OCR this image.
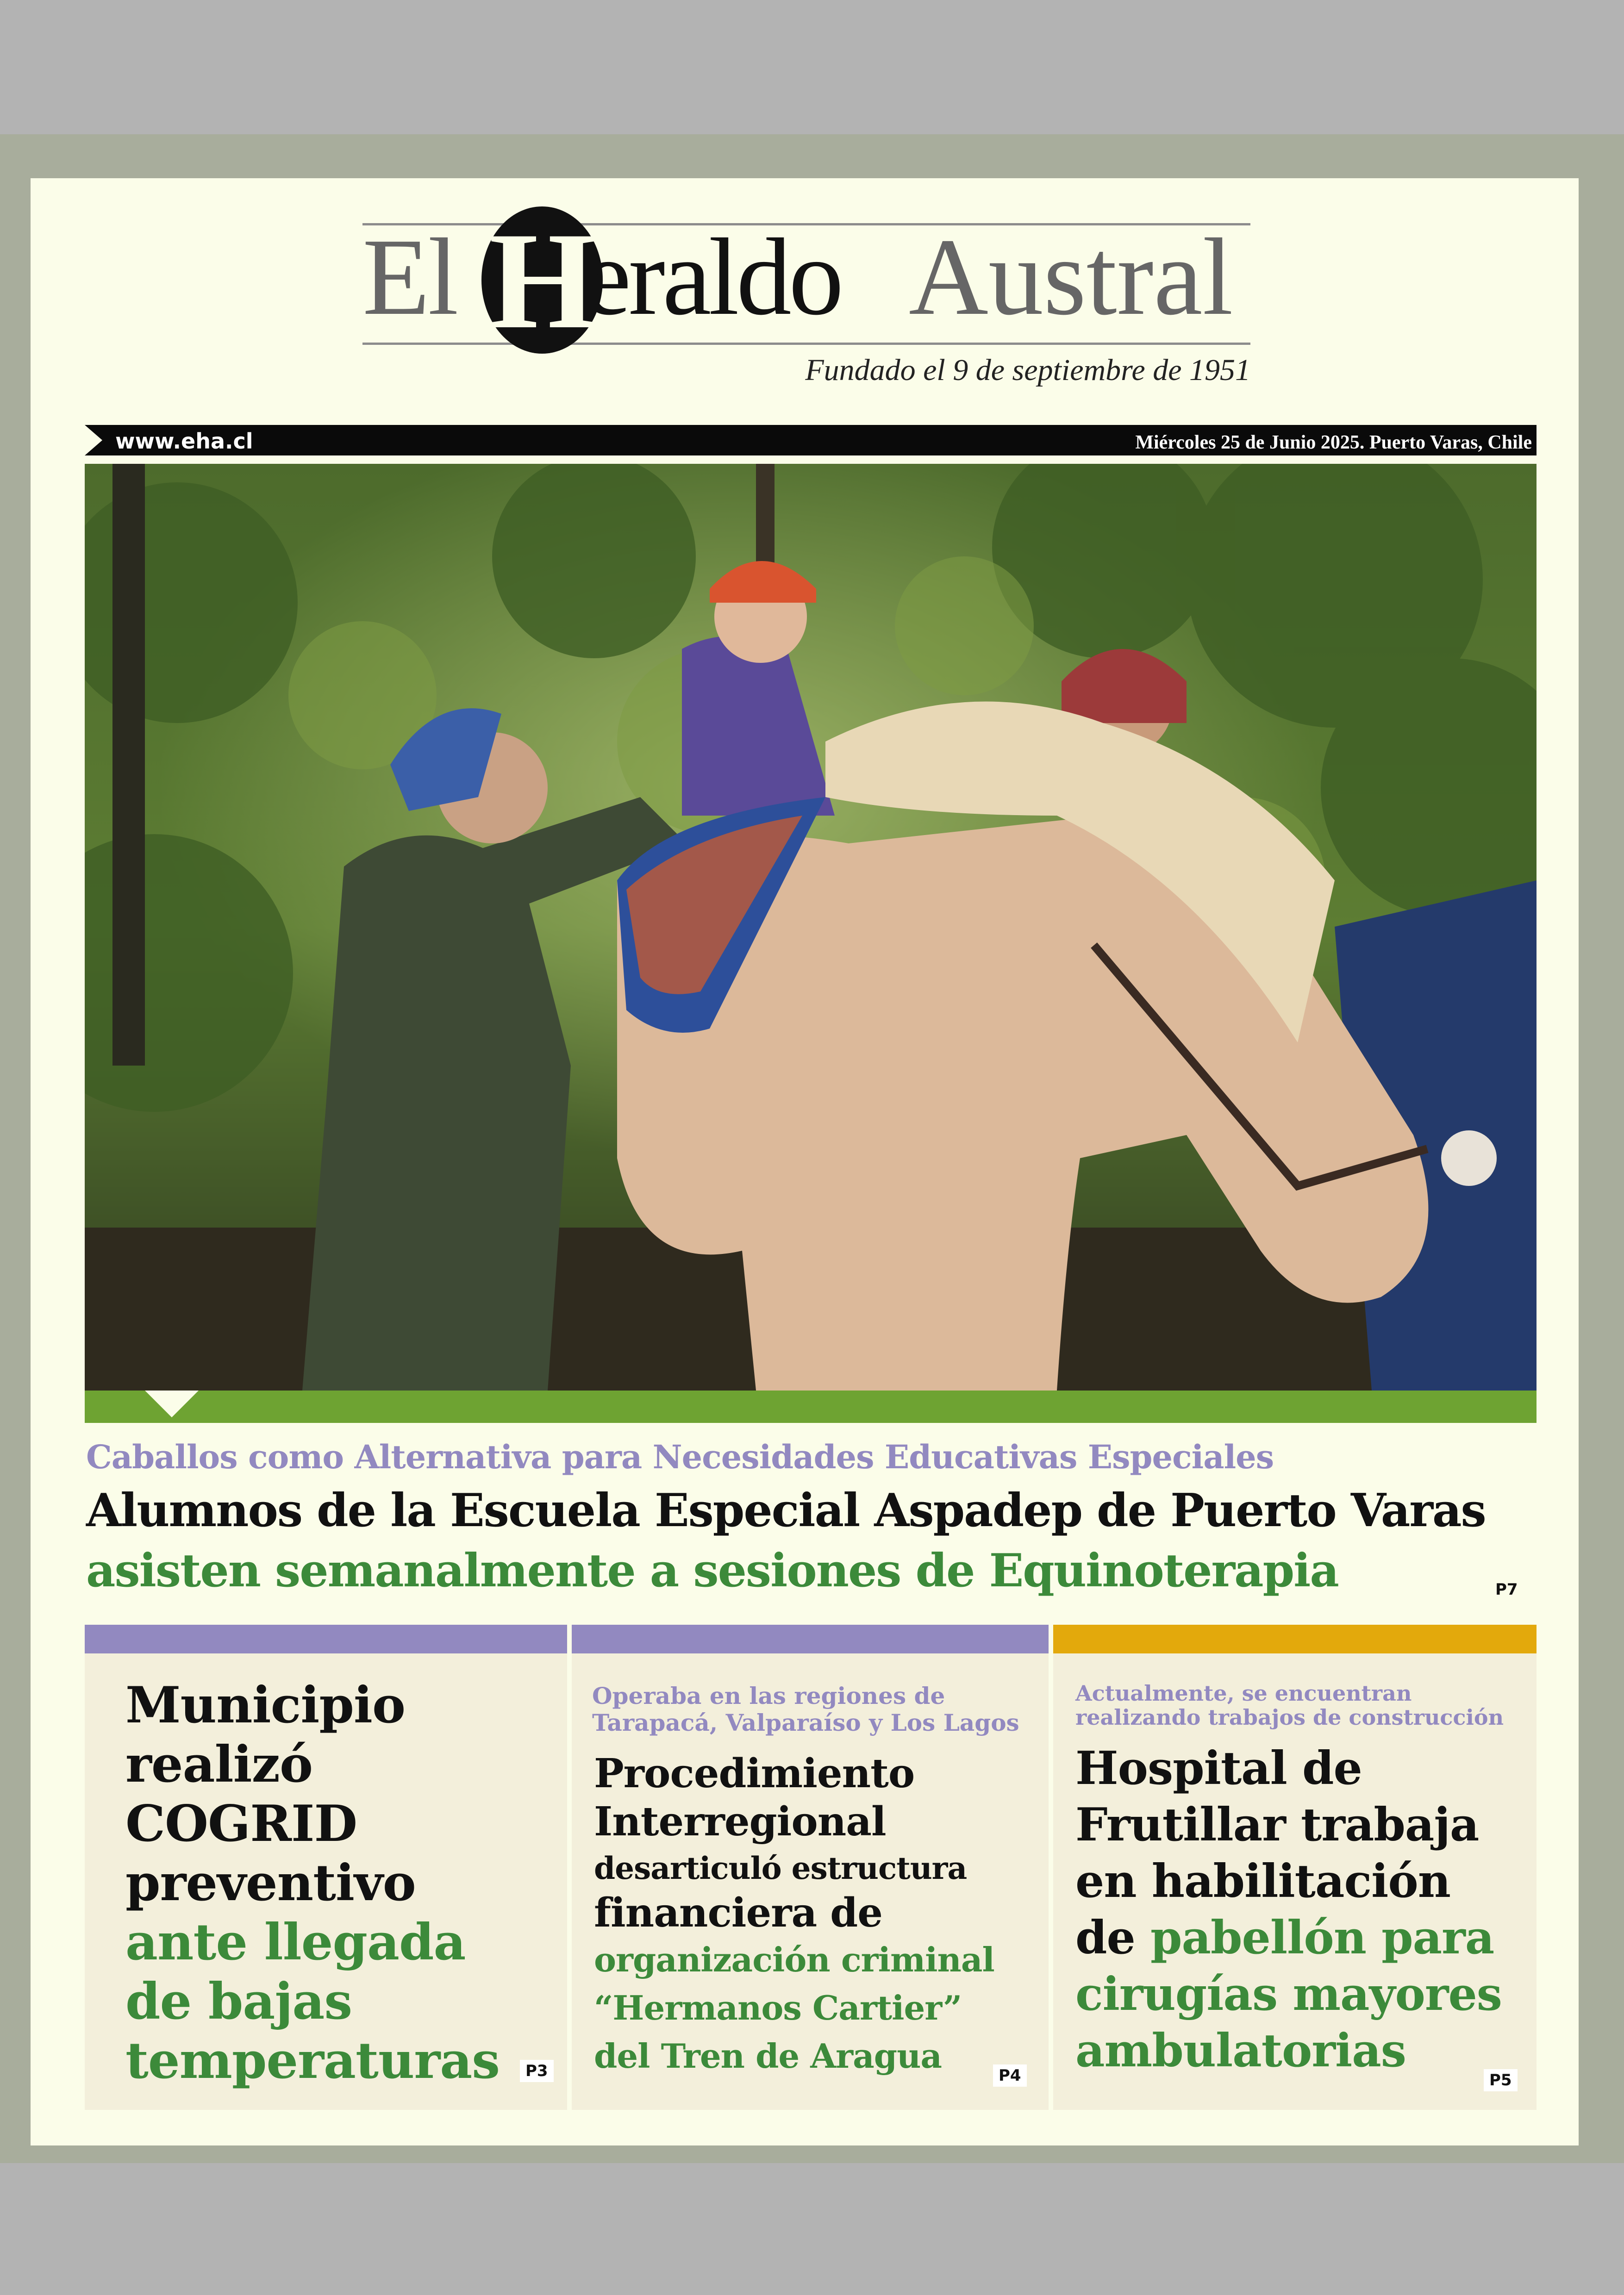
El H
eraldo Austral
Fundado el 9 de septiembre de 1951
www.eha.cl	Miércoles 25 de Junio 2025. Puerto Varas, Chile
Caballos como Alternativa para Necesidades Educativas Especiales
Alumnos de la Escuela Especial Aspadep de Puerto Varas
asisten semanalmente a sesiones de Equinoterapia	P7
Municipio
realizó
COGRID
preventivo
ante llegada
de bajas
temperaturas	P3
Operaba en las regiones de
Tarapacá, Valparaíso y Los Lagos
Procedimiento
Interregional
desarticuló estructura
financiera de
organización criminal
“Hermanos Cartier”
del Tren de Aragua	P4
Actualmente, se encuentran
realizando trabajos de construcción
Hospital de
Frutillar trabaja
en habilitación
de pabellón para
cirugías mayores
ambulatorias
P5
